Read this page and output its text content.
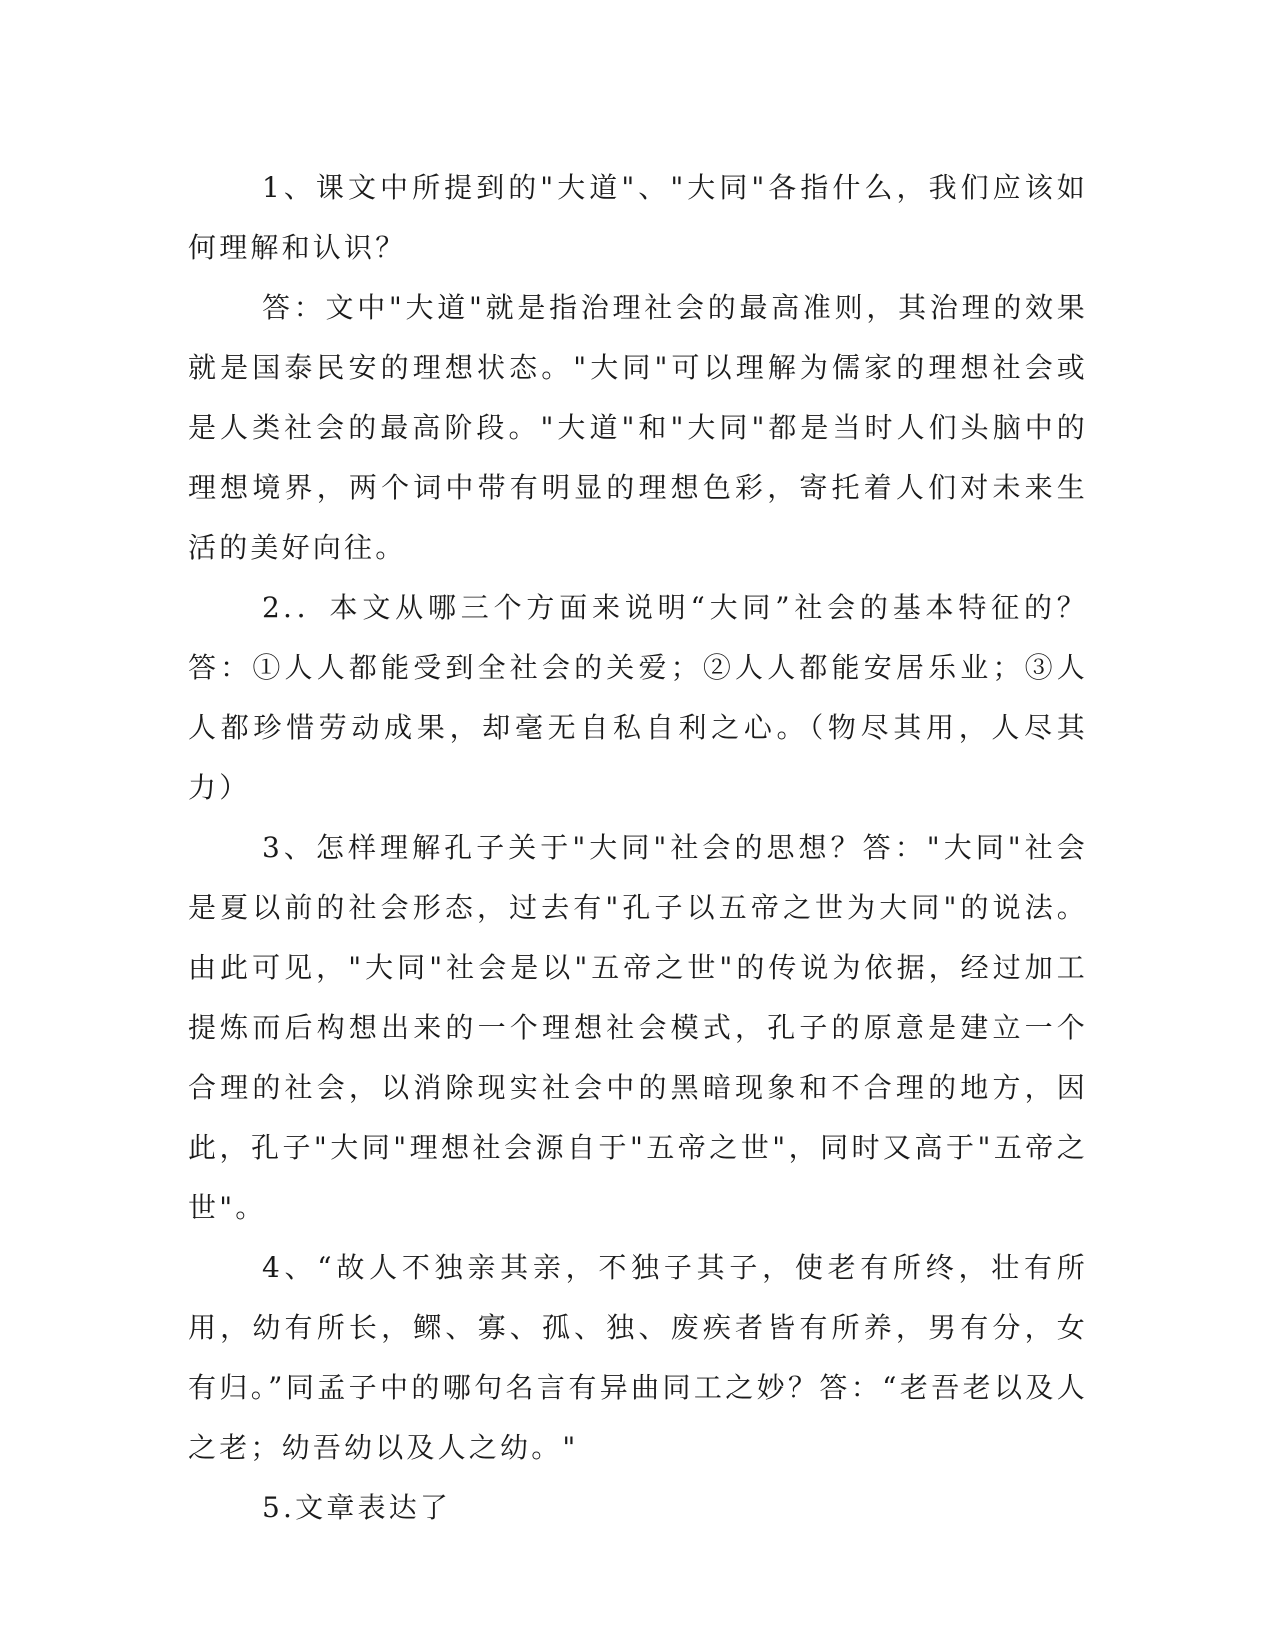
1、课文中所提到的"大道"、"大同"各指什么，我们应该如何理解和认识？

答：文中"大道"就是指治理社会的最高准则，其治理的效果就是国泰民安的理想状态。"大同"可以理解为儒家的理想社会或是人类社会的最高阶段。"大道"和"大同"都是当时人们头脑中的理想境界，两个词中带有明显的理想色彩，寄托着人们对未来生活的美好向往。

2.．本文从哪三个方面来说明“大同”社会的基本特征的？答：①人人都能受到全社会的关爱；②人人都能安居乐业；③人人都珍惜劳动成果，却毫无自私自利之心。（物尽其用，人尽其力）

3、怎样理解孔子关于"大同"社会的思想？答："大同"社会是夏以前的社会形态，过去有"孔子以五帝之世为大同"的说法。由此可见，"大同"社会是以"五帝之世"的传说为依据，经过加工提炼而后构想出来的一个理想社会模式，孔子的原意是建立一个合理的社会，以消除现实社会中的黑暗现象和不合理的地方，因此，孔子"大同"理想社会源自于"五帝之世"，同时又高于"五帝之世"。

4、“故人不独亲其亲，不独子其子，使老有所终，壮有所用，幼有所长，鳏、寡、孤、独、废疾者皆有所养，男有分，女有归。”同孟子中的哪句名言有异曲同工之妙？答：“老吾老以及人之老；幼吾幼以及人之幼。"

5.文章表达了
